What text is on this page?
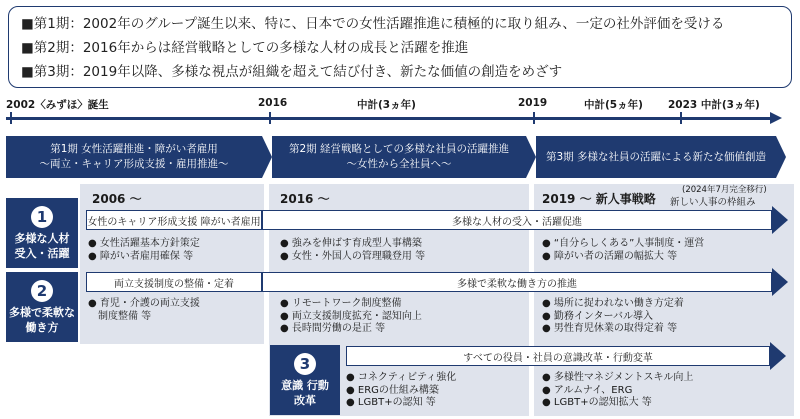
■第1期：2002年のグループ誕生以来、特に、日本での女性活躍推進に積極的に取り組み、一定の社外評価を受ける
■第2期：2016年からは経営戦略としての多様な人材の成長と活躍を推進
■第3期：2019年以降、多様な視点が組織を超えて結び付き、新たな価値の創造をめざす
2002〈みずほ〉誕生	2016	中計(3ヵ年)	2019	中計(5ヵ年) 2023 中計(3ヵ年)
第1期 女性活躍推進・障がい者雇用
～両立・キャリア形成支援・雇用推進～
第2期 経営戦略としての多様な社員の活躍推進
～女性から全社員へ～
第3期 多様な社員の活躍による新たな価値創造
2006 ～	2016 ～	2019 ～ 新人事戦略
(2024年7月完全移行)
新しい人事の枠組み
1
多様な人材
受入・活躍
2
多様で柔軟な
働き方
3
意識 行動
改革
女性のキャリア形成支援 障がい者雇用	多様な人材の受入・活躍促進
● 女性活躍基本方針策定
● 障がい者雇用確保 等
● 強みを伸ばす育成型人事構築
● 女性・外国人の管理職登用 等
● “自分らしくある”人事制度・運営
● 障がい者の活躍の幅拡大 等
両立支援制度の整備・定着	多様で柔軟な働き方の推進
● 育児・介護の両立支援
制度整備 等
● リモートワーク制度整備
● 両立支援制度拡充・認知向上
● 長時間労働の是正 等
● 場所に捉われない働き方定着
● 勤務インターバル導入
● 男性育児休業の取得定着 等
すべての役員・社員の意識改革・行動変革
● コネクティビティ強化
● ERGの仕組み構築
● LGBT+の認知 等
● 多様性マネジメントスキル向上
● アルムナイ、ERG
● LGBT+の認知拡大 等
